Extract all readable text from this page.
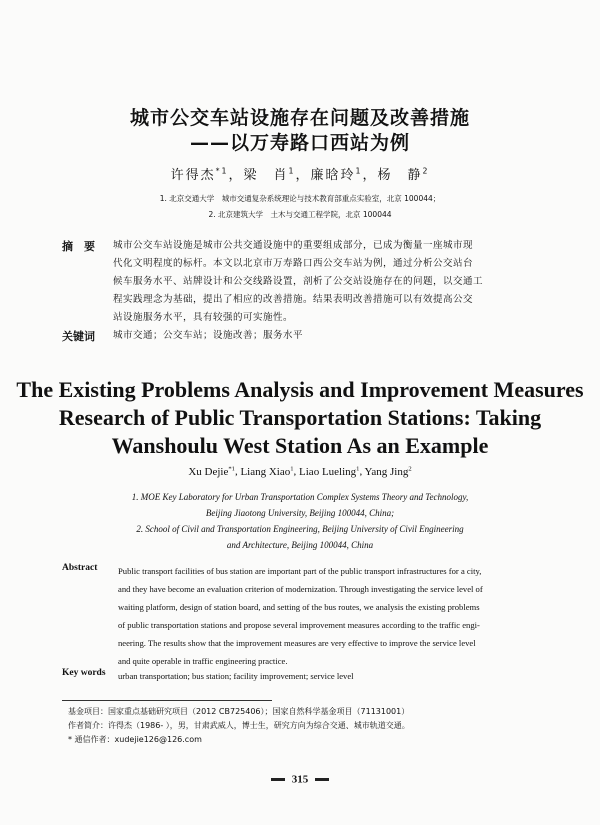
城市公交车站设施存在问题及改善措施
——以万寿路口西站为例
许得杰$^{*1}$，梁　肖$^1$，廉晗玲$^1$，杨　静$^2$
1. 北京交通大学　城市交通复杂系统理论与技术教育部重点实验室，北京 100044；
2. 北京建筑大学　土木与交通工程学院，北京 100044
摘　要 城市公交车站设施是城市公共交通设施中的重要组成部分，已成为衡量一座城市现
代化文明程度的标杆。本文以北京市万寿路口西公交车站为例，通过分析公交站台
候车服务水平、站牌设计和公交线路设置，剖析了公交站设施存在的问题，以交通工
程实践理念为基础，提出了相应的改善措施。结果表明改善措施可以有效提高公交
站设施服务水平，具有较强的可实施性。
关键词 城市交通；公交车站；设施改善；服务水平
The Existing Problems Analysis and Improvement Measures
Research of Public Transportation Stations: Taking
Wanshoulu West Station As an Example
Xu Dejie$^{*1}$, Liang Xiao$^1$, Liao Lueling$^1$, Yang Jing$^2$
1. MOE Key Laboratory for Urban Transportation Complex Systems Theory and Technology,
Beijing Jiaotong University, Beijing 100044, China;
2. School of Civil and Transportation Engineering, Beijing University of Civil Engineering
and Architecture, Beijing 100044, China
Abstract Public transport facilities of bus station are important part of the public transport infrastructures for a city,
and they have become an evaluation criterion of modernization. Through investigating the service level of
waiting platform, design of station board, and setting of the bus routes, we analysis the existing problems
of public transportation stations and propose several improvement measures according to the traffic engi-
neering. The results show that the improvement measures are very effective to improve the service level
and quite operable in traffic engineering practice.
Key words urban transportation; bus station; facility improvement; service level
基金项目：国家重点基础研究项目（2012 CB725406）；国家自然科学基金项目（71131001）
作者简介：许得杰（1986- ），男，甘肃武威人，博士生，研究方向为综合交通、城市轨道交通。
* 通信作者：xudejie126@126.com
315
